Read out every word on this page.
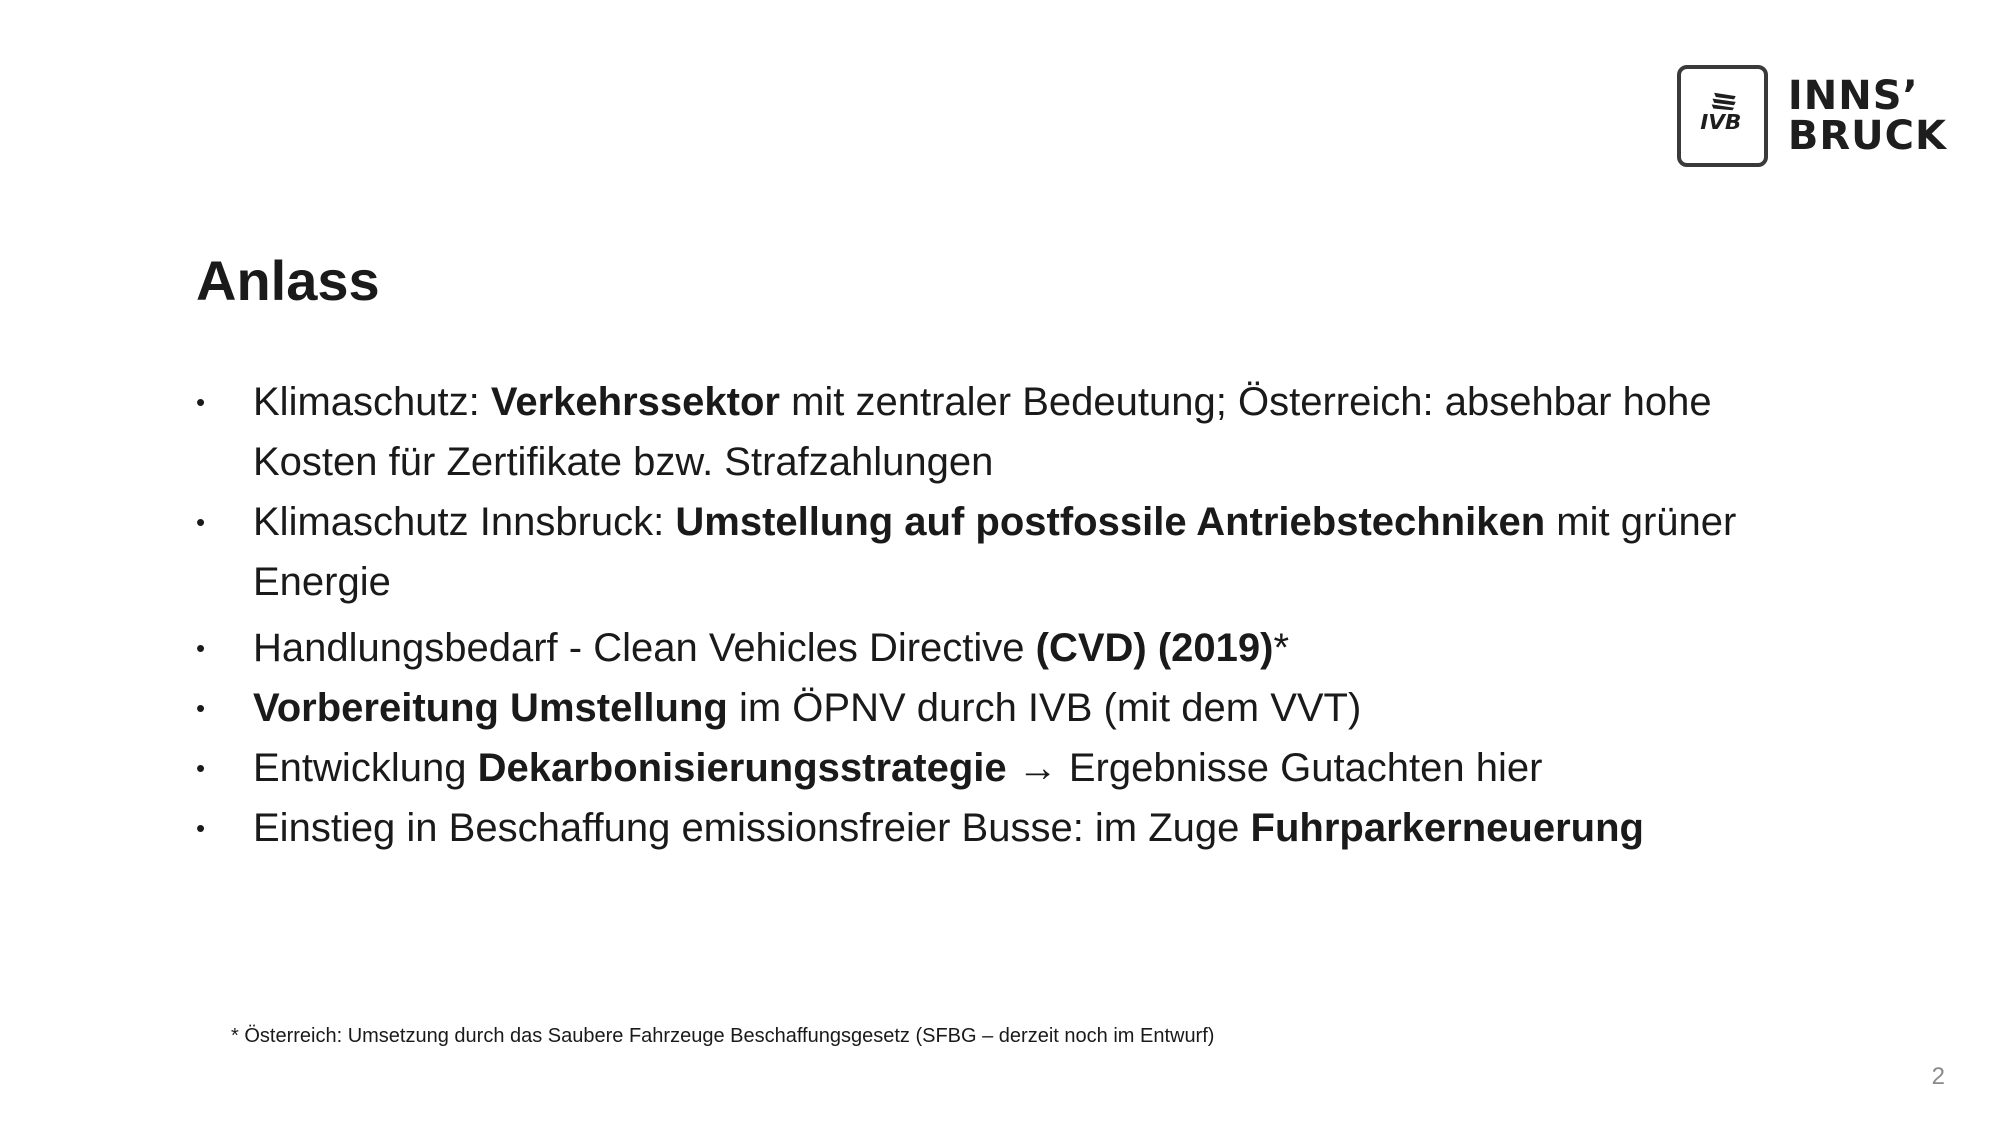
IVB
INNS’
BRUCK
Anlass
• Klimaschutz: Verkehrssektor mit zentraler Bedeutung; Österreich: absehbar hohe Kosten für Zertifikate bzw. Strafzahlungen
• Klimaschutz Innsbruck: Umstellung auf postfossile Antriebstechniken mit grüner Energie
• Handlungsbedarf - Clean Vehicles Directive (CVD) (2019)*
• Vorbereitung Umstellung im ÖPNV durch IVB (mit dem VVT)
• Entwicklung Dekarbonisierungsstrategie → Ergebnisse Gutachten hier
• Einstieg in Beschaffung emissionsfreier Busse: im Zuge Fuhrparkerneuerung
* Österreich: Umsetzung durch das Saubere Fahrzeuge Beschaffungsgesetz (SFBG – derzeit noch im Entwurf)
2
